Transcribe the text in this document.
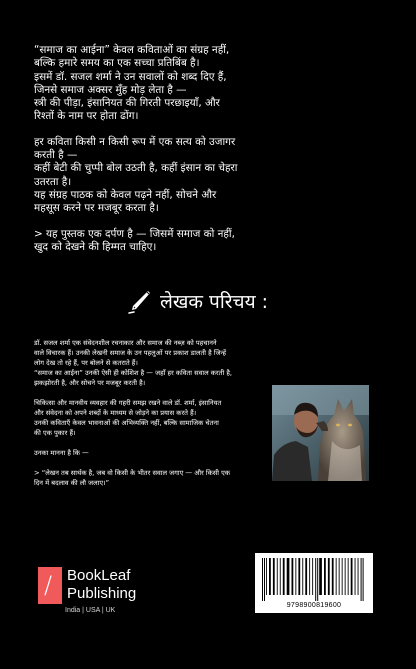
“समाज का आईना” केवल कविताओं का संग्रह नहीं,
बल्कि हमारे समय का एक सच्चा प्रतिबिंब है।
इसमें डॉ. सजल शर्मा ने उन सवालों को शब्द दिए हैं,
जिनसे समाज अक्सर मुँह मोड़ लेता है —
स्त्री की पीड़ा, इंसानियत की गिरती परछाइयाँ, और
रिश्तों के नाम पर होता ढोंग।

हर कविता किसी न किसी रूप में एक सत्य को उजागर
करती है —
कहीं बेटी की चुप्पी बोल उठती है, कहीं इंसान का चेहरा
उतरता है।
यह संग्रह पाठक को केवल पढ़ने नहीं, सोचने और
महसूस करने पर मजबूर करता है।

> यह पुस्तक एक दर्पण है — जिसमें समाज को नहीं,
खुद को देखने की हिम्मत चाहिए।

लेखक परिचय :

डॉ. सजल शर्मा एक संवेदनशील रचनाकार और समाज की नब्ज़ को पहचानने
वाले विचारक हैं। उनकी लेखनी समाज के उन पहलुओं पर प्रकाश डालती है जिन्हें
लोग देख तो रहे हैं, पर बोलने से कतराते हैं।
“समाज का आईना” उनकी ऐसी ही कोशिश है — जहाँ हर कविता सवाल करती है,
झकझोरती है, और सोचने पर मजबूर करती है।

चिकित्सा और मानवीय व्यवहार की गहरी समझ रखने वाले डॉ. शर्मा, इंसानियत
और संवेदना को अपने शब्दों के माध्यम से जोड़ने का प्रयास करते हैं।
उनकी कविताएँ केवल भावनाओं की अभिव्यक्ति नहीं, बल्कि सामाजिक चेतना
की एक पुकार हैं।

उनका मानना है कि —

> “लेखन तब सार्थक है, जब वो किसी के भीतर सवाल जगाए — और किसी एक
दिन में बदलाव की लौ जलाए।”

/ BookLeaf
Publishing
India | USA | UK
9798900819600
